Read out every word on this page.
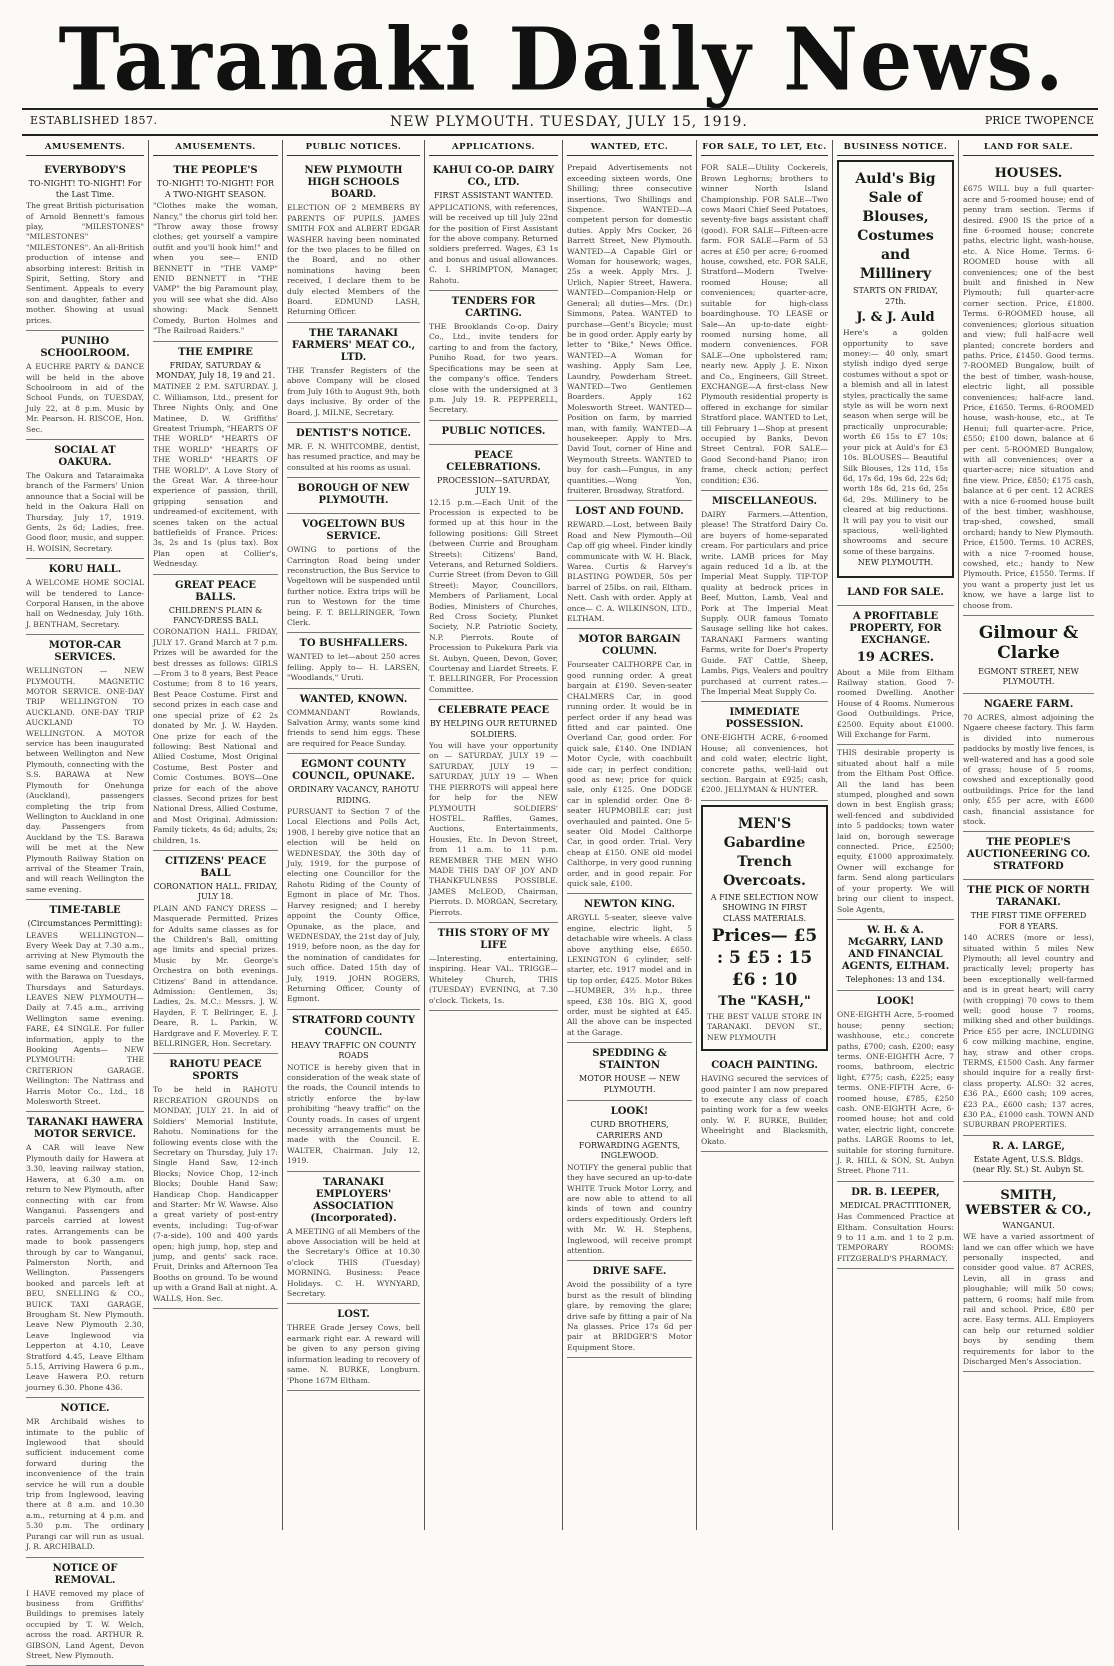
Taranaki Daily News.
ESTABLISHED 1857.	NEW PLYMOUTH. TUESDAY, JULY 15, 1919.	PRICE TWOPENCE
AMUSEMENTS.
EVERYBODY'S
TO-NIGHT! TO-NIGHT! For the Last Time.

The great British picturisation of Arnold Bennett's famous play, "MILESTONES" "MILESTONES" "MILESTONES". An all-British production of intense and absorbing interest: British in Spirit, Setting, Story and Sentiment. Appeals to every son and daughter, father and mother. Showing at usual prices.

PUNIHO SCHOOLROOM.

A EUCHRE PARTY & DANCE will be held in the above Schoolroom in aid of the School Funds, on TUESDAY, July 22, at 8 p.m. Music by Mr. Pearson. H. RISCOE, Hon. Sec.

SOCIAL AT OAKURA.

The Oakura and Tataraimaka branch of the Farmers' Union announce that a Social will be held in the Oakura Hall on Thursday, July 17, 1919. Gents, 2s 6d; Ladies, free. Good floor, music, and supper. H. WOISIN, Secretary.

KORU HALL.

A WELCOME HOME SOCIAL will be tendered to Lance-Corporal Hansen, in the above hall on Wednesday, July 16th. J. BENTHAM, Secretary.

MOTOR-CAR SERVICES.

WELLINGTON — NEW PLYMOUTH. MAGNETIC MOTOR SERVICE. ONE-DAY TRIP WELLINGTON TO AUCKLAND. ONE-DAY TRIP AUCKLAND TO WELLINGTON. A MOTOR service has been inaugurated between Wellington and New Plymouth, connecting with the S.S. BARAWA at New Plymouth for Onehunga (Auckland), passengers completing the trip from Wellington to Auckland in one day. Passengers from Auckland by the T.S. Barawa will be met at the New Plymouth Railway Station on arrival of the Steamer Train, and will reach Wellington the same evening.

TIME-TABLE
(Circumstances Permitting):

LEAVES WELLINGTON— Every Week Day at 7.30 a.m., arriving at New Plymouth the same evening and connecting with the Barawa on Tuesdays, Thursdays and Saturdays. LEAVES NEW PLYMOUTH— Daily at 7.45 a.m., arriving Wellington same evening. FARE, £4 SINGLE. For fuller information, apply to the Booking Agents— NEW PLYMOUTH: THE CRITERION GARAGE. Wellington: The Nattrass and Harris Motor Co., Ltd., 18 Molesworth Street.

TARANAKI HAWERA MOTOR SERVICE.

A CAR will leave New Plymouth daily for Hawera at 3.30, leaving railway station, Hawera, at 6.30 a.m. on return to New Plymouth, after connecting with car from Wanganui. Passengers and parcels carried at lowest rates. Arrangements can be made to book passengers through by car to Wanganui, Palmerston North, and Wellington. Passengers booked and parcels left at BEU, SNELLING & CO., BUICK TAXI GARAGE, Brougham St. New Plymouth. Leave New Plymouth 2.30, Leave Inglewood via Lepperton at 4.10, Leave Stratford 4.45, Leave Eltham 5.15, Arriving Hawera 6 p.m., Leave Hawera P.O. return journey 6.30. Phone 436.

NOTICE.

MR Archibald wishes to intimate to the public of Inglewood that should sufficient inducement come forward during the inconvenience of the train service he will run a double trip from Inglewood, leaving there at 8 a.m. and 10.30 a.m., returning at 4 p.m. and 5.30 p.m. The ordinary Purangi car will run as usual. J. R. ARCHIBALD.

NOTICE OF REMOVAL.

I HAVE removed my place of business from Griffiths' Buildings to premises lately occupied by T. W. Welch, across the road. ARTHUR R. GIBSON, Land Agent, Devon Street, New Plymouth.

AMUSEMENTS.
THE PEOPLE'S
TO-NIGHT! TO-NIGHT! FOR A TWO-NIGHT SEASON.

"Clothes make the woman, Nancy," the chorus girl told her. "Throw away those frowsy clothes; get yourself a vampire outfit and you'll hook him!" and when you see— ENID BENNETT in "THE VAMP" ENID BENNETT in "THE VAMP" the big Paramount play, you will see what she did. Also showing: Mack Sennett Comedy, Burton Holmes and "The Railroad Raiders."

THE EMPIRE
FRIDAY, SATURDAY & MONDAY, July 18, 19 and 21.

MATINEE 2 P.M. SATURDAY. J. C. Williamson, Ltd., present for Three Nights Only, and One Matinee, D. W. Griffiths' Greatest Triumph, "HEARTS OF THE WORLD" "HEARTS OF THE WORLD" "HEARTS OF THE WORLD" "HEARTS OF THE WORLD". A Love Story of the Great War. A three-hour experience of passion, thrill, gripping sensation and undreamed-of excitement, with scenes taken on the actual battlefields of France. Prices: 3s, 2s and 1s (plus tax). Box Plan open at Collier's, Wednesday.

GREAT PEACE BALLS.
CHILDREN'S PLAIN & FANCY-DRESS BALL

CORONATION HALL. FRIDAY, JULY 17. Grand March at 7 p.m. Prizes will be awarded for the best dresses as follows: GIRLS—From 3 to 8 years, Best Peace Costume; from 8 to 16 years, Best Peace Costume. First and second prizes in each case and one special prize of £2 2s donated by Mr. J. W. Hayden. One prize for each of the following: Best National and Allied Costume, Most Original Costume, Best Poster and Comic Costumes. BOYS—One prize for each of the above classes. Second prizes for best National Dress, Allied Costume, and Most Original. Admission: Family tickets, 4s 6d; adults, 2s; children, 1s.

CITIZENS' PEACE BALL
CORONATION HALL. FRIDAY, JULY 18.

PLAIN AND FANCY DRESS — Masquerade Permitted. Prizes for Adults same classes as for the Children's Ball, omitting age limits and special prizes. Music by Mr. George's Orchestra on both evenings. Citizens' Band in attendance. Admission: Gentlemen, 3s; Ladies, 2s. M.C.: Messrs. J. W. Hayden, F. T. Bellringer, E. J. Deare, R. L. Parkin, W. Hardgrave and F. Moverley. F. T. BELLRINGER, Hon. Secretary.

RAHOTU PEACE SPORTS

To be held in RAHOTU RECREATION GROUNDS on MONDAY, JULY 21. In aid of Soldiers' Memorial Institute, Rahotu. Nominations for the following events close with the Secretary on Thursday, July 17: Single Hand Saw, 12-inch Blocks; Novice Chop, 12-inch Blocks; Double Hand Saw; Handicap Chop. Handicapper and Starter: Mr W. Wawse. Also a great variety of post-entry events, including: Tug-of-war (7-a-side), 100 and 400 yards open; high jump, hop, step and jump, and gents' sack race. Fruit, Drinks and Afternoon Tea Booths on ground. To be wound up with a Grand Ball at night. A. WALLS, Hon. Sec.

PUBLIC NOTICES.
NEW PLYMOUTH HIGH SCHOOLS BOARD.

ELECTION OF 2 MEMBERS BY PARENTS OF PUPILS. JAMES SMITH FOX and ALBERT EDGAR WASHER having been nominated for the two places to be filled on the Board, and no other nominations having been received, I declare them to be duly elected Members of the Board. EDMUND LASH, Returning Officer.

THE TARANAKI FARMERS' MEAT CO., LTD.

THE Transfer Registers of the above Company will be closed from July 16th to August 9th, both days inclusive. By order of the Board, J. MILNE, Secretary.

DENTIST'S NOTICE.

MR. F. N. WHITCOMBE, dentist, has resumed practice, and may be consulted at his rooms as usual.

BOROUGH OF NEW PLYMOUTH.
VOGELTOWN BUS SERVICE.

OWING to portions of the Carrington Road being under reconstruction, the Bus Service to Vogeltown will be suspended until further notice. Extra trips will be run to Westown for the time being. F. T. BELLRINGER, Town Clerk.

TO BUSHFALLERS.

WANTED to let—about 250 acres felling. Apply to— H. LARSEN, "Woodlands," Uruti.

WANTED, KNOWN.

COMMANDANT Rowlands, Salvation Army, wants some kind friends to send him eggs. These are required for Peace Sunday.

EGMONT COUNTY COUNCIL, OPUNAKE.
ORDINARY VACANCY, RAHOTU RIDING.

PURSUANT to Section 7 of the Local Elections and Polls Act, 1908, I hereby give notice that an election will be held on WEDNESDAY, the 30th day of July, 1919, for the purpose of electing one Councillor for the Rahotu Riding of the County of Egmont in place of Mr. Thos. Harvey resigned; and I hereby appoint the County Office, Opunake, as the place, and WEDNESDAY, the 21st day of July, 1919, before noon, as the day for the nomination of candidates for such office. Dated 15th day of July, 1919. JOHN ROGERS, Returning Officer, County of Egmont.

STRATFORD COUNTY COUNCIL.
HEAVY TRAFFIC ON COUNTY ROADS

NOTICE is hereby given that in consideration of the weak state of the roads, the Council intends to strictly enforce the by-law prohibiting "heavy traffic" on the County roads. In cases of urgent necessity arrangements must be made with the Council. E. WALTER, Chairman. July 12, 1919.

TARANAKI EMPLOYERS' ASSOCIATION (Incorporated).

A MEETING of all Members of the above Association will be held at the Secretary's Office at 10.30 o'clock THIS (Tuesday) MORNING. Business: Peace Holidays. C. H. WYNYARD, Secretary.

LOST.

THREE Grade Jersey Cows, bell earmark right ear. A reward will be given to any person giving information leading to recovery of same. N. BURKE, Longburn. 'Phone 167M Eltham.

APPLICATIONS.
KAHUI CO-OP. DAIRY CO., LTD.
FIRST ASSISTANT WANTED.

APPLICATIONS, with references, will be received up till July 22nd for the position of First Assistant for the above company. Returned soldiers preferred. Wages, £3 1s and bonus and usual allowances. C. I. SHRIMPTON, Manager, Rahotu.

TENDERS FOR CARTING.

THE Brooklands Co-op. Dairy Co., Ltd., invite tenders for carting to and from the factory, Puniho Road, for two years. Specifications may be seen at the company's office. Tenders close with the undersigned at 3 p.m. July 19. R. PEPPERELL, Secretary.

PUBLIC NOTICES.
PEACE CELEBRATIONS.
PROCESSION—SATURDAY, JULY 19.

12.15 p.m.—Each Unit of the Procession is expected to be formed up at this hour in the following positions: Gill Street (between Currie and Brougham Streets): Citizens' Band, Veterans, and Returned Soldiers. Currie Street (from Devon to Gill Street): Mayor, Councillors, Members of Parliament, Local Bodies, Ministers of Churches, Red Cross Society, Plunket Society, N.P. Patriotic Society, N.P. Pierrots. Route of Procession to Pukekura Park via St. Aubyn, Queen, Devon, Gover, Courtenay and Liardet Streets. F. T. BELLRINGER, For Procession Committee.

CELEBRATE PEACE
BY HELPING OUR RETURNED SOLDIERS.

You will have your opportunity on — SATURDAY, JULY 19 — SATURDAY, JULY 19 — SATURDAY, JULY 19 — When THE PIERROTS will appeal here for help for the NEW PLYMOUTH SOLDIERS' HOSTEL. Raffles, Games, Auctions, Entertainments, Housies, Etc. In Devon Street, from 11 a.m. to 11 p.m. REMEMBER THE MEN WHO MADE THIS DAY OF JOY AND THANKFULNESS POSSIBLE. JAMES McLEOD, Chairman, Pierrots. D. MORGAN, Secretary, Pierrots.

THIS STORY OF MY LIFE

—Interesting, entertaining, inspiring. Hear VAL. TRIGGE—Whiteley Church, THIS (TUESDAY) EVENING, at 7.30 o'clock. Tickets, 1s.

WANTED, ETC.

Prepaid Advertisements not exceeding sixteen words, One Shilling; three consecutive insertions, Two Shillings and Sixpence. WANTED—A competent person for domestic duties. Apply Mrs Cocker, 26 Barrett Street, New Plymouth. WANTED—A Capable Girl or Woman for housework; wages, 25s a week. Apply Mrs. J. Urlich, Napier Street, Hawera. WANTED—Companion-Help or General; all duties—Mrs. (Dr.) Simmons, Patea. WANTED to purchase—Gent's Bicycle; must be in good order. Apply early by letter to "Bike," News Office. WANTED—A Woman for washing. Apply Sam Lee, Laundry, Powderham Street. WANTED—Two Gentlemen Boarders. Apply 162 Molesworth Street. WANTED—Position on farm, by married man, with family. WANTED—A housekeeper. Apply to Mrs. David Tout, corner of Hine and Weymouth Streets. WANTED to buy for cash—Fungus, in any quantities.—Wong Yon, fruiterer, Broadway, Stratford.

LOST AND FOUND.

REWARD.—Lost, between Baily Road and New Plymouth—Oil Cap off gig wheel. Finder kindly communicate with W. H. Black, Warea. Curtis & Harvey's BLASTING POWDER, 50s per barrel of 25lbs. on rail, Eltham. Nett. Cash with order. Apply at once— C. A. WILKINSON, LTD., ELTHAM.

MOTOR BARGAIN COLUMN.

Fourseater CALTHORPE Car, in good running order. A great bargain at £190. Seven-seater CHALMERS Car, in good running order. It would be in perfect order if any head was fitted and car painted. One Overland Car, good order. For quick sale, £140. One INDIAN Motor Cycle, with coachbuilt side car; in perfect condition; good as new; price for quick sale, only £125. One DODGE car in splendid order. One 8-seater HUPMOBILE car; just overhauled and painted. One 5-seater Old Model Calthorpe Car, in good order. Trial. Very cheap at £150. ONE old model Calthorpe, in very good running order, and in good repair. For quick sale, £100.

NEWTON KING.

ARGYLL 5-seater, sleeve valve engine, electric light, 5 detachable wire wheels. A class above anything else, £650. LEXINGTON 6 cylinder, self-starter, etc. 1917 model and in tip top order, £425. Motor Bikes—HUMBER, 3½ h.p., three speed, £38 10s. BIG X, good order, must be sighted at £45. All the above can be inspected at the Garage.

SPEDDING & STAINTON
MOTOR HOUSE — NEW PLYMOUTH.
LOOK!
CURD BROTHERS, CARRIERS AND FORWARDING AGENTS, INGLEWOOD.

NOTIFY the general public that they have secured an up-to-date WHITE Truck Motor Lorry, and are now able to attend to all kinds of town and country orders expeditiously. Orders left with Mr. W. H. Stephens, Inglewood, will receive prompt attention.

DRIVE SAFE.

Avoid the possibility of a tyre burst as the result of blinding glare, by removing the glare; drive safe by fitting a pair of Na Na glasses. Price 17s 6d per pair at BRIDGER'S Motor Equipment Store.

FOR SALE, TO LET, Etc.

FOR SALE—Utility Cockerels, Brown Leghorns; brothers to winner North Island Championship. FOR SALE—Two cows Maori Chief Seed Potatoes, seventy-five bags assistant chaff (good). FOR SALE—Fifteen-acre farm. FOR SALE—Farm of 53 acres at £50 per acre; 6-roomed house, cowshed, etc. FOR SALE, Stratford—Modern Twelve-roomed House; all conveniences; quarter-acre, suitable for high-class boardinghouse. TO LEASE or Sale—An up-to-date eight-roomed nursing home, all modern conveniences. FOR SALE—One upholstered ram; nearly new. Apply J. E. Nixon and Co., Engineers, Gill Street. EXCHANGE—A first-class New Plymouth residential property is offered in exchange for similar Stratford place. WANTED to Let, till February 1—Shop at present occupied by Banks, Devon Street Central. FOR SALE—Good Second-hand Piano; iron frame, check action; perfect condition; £36.

MISCELLANEOUS.

DAIRY Farmers.—Attention, please! The Stratford Dairy Co. are buyers of home-separated cream. For particulars and price write. LAMB prices for May again reduced 1d a lb. at the Imperial Meat Supply. TIP-TOP quality at bedrock prices in Beef, Mutton, Lamb, Veal and Pork at The Imperial Meat Supply. OUR famous Tomato Sausage selling like hot cakes. TARANAKI Farmers wanting Farms, write for Doer's Property Guide. FAT Cattle, Sheep, Lambs, Pigs, Vealers and poultry purchased at current rates.—The Imperial Meat Supply Co.

IMMEDIATE POSSESSION.

ONE-EIGHTH ACRE, 6-roomed House; all conveniences, hot and cold water, electric light, concrete paths, well-laid out section. Bargain at £925; cash, £200. JELLYMAN & HUNTER.

MEN'S Gabardine Trench Overcoats.
A FINE SELECTION NOW SHOWING IN FIRST CLASS MATERIALS.
Prices— £5 : 5 £5 : 15 £6 : 10
The "KASH,"

THE BEST VALUE STORE IN TARANAKI. DEVON ST., NEW PLYMOUTH

COACH PAINTING.

HAVING secured the services of good painter I am now prepared to execute any class of coach painting work for a few weeks only. W. F. BURKE, Builder, Wheelright and Blacksmith, Okato.

BUSINESS NOTICE.
Auld's Big Sale of Blouses, Costumes and Millinery
STARTS ON FRIDAY, 27th.
J. & J. Auld

Here's a golden opportunity to save money:— 40 only, smart stylish indigo dyed serge costumes without a spot or a blemish and all in latest styles, practically the same style as will be worn next season when serge will be practically unprocurable; worth £6 15s to £7 10s; your pick at Auld's for £3 10s. BLOUSES— Beautiful Silk Blouses, 12s 11d, 15s 6d, 17s 6d, 19s 6d, 22s 6d; worth 18s 6d, 21s 6d, 25s 6d, 29s. Millinery to be cleared at big reductions. It will pay you to visit our spacious, well-lighted showrooms and secure some of these bargains.

NEW PLYMOUTH.
LAND FOR SALE.
A PROFITABLE PROPERTY, FOR EXCHANGE.
19 ACRES.

About a Mile from Eltham Railway station. Good 7-roomed Dwelling. Another House of 4 Rooms. Numerous Good Outbuildings. Price, £2500. Equity about £1000. Will Exchange for Farm.

THIS desirable property is situated about half a mile from the Eltham Post Office. All the land has been stumped, ploughed and sown down in best English grass; well-fenced and subdivided into 5 paddocks; town water laid on, borough sewerage connected. Price, £2500; equity, £1000 approximately. Owner will exchange for farm. Send along particulars of your property. We will bring our client to inspect. Sole Agents,

W. H. & A. McGARRY, LAND AND FINANCIAL AGENTS, ELTHAM.
Telephones: 13 and 134.
LOOK!

ONE-EIGHTH Acre, 5-roomed house; penny section; washhouse, etc.; concrete paths, £700; cash, £200; easy terms. ONE-EIGHTH Acre, 7 rooms, bathroom, electric light, £775; cash, £225; easy terms. ONE-FIFTH Acre, 6-roomed house, £785, £250 cash. ONE-EIGHTH Acre, 6-roomed house; hot and cold water, electric light, concrete paths. LARGE Rooms to let, suitable for storing furniture. J. R. HILL & SON, St. Aubyn Street. Phone 711.

DR. B. LEEPER,
MEDICAL PRACTITIONER,

Has Commenced Practice at Eltham. Consultation Hours: 9 to 11 a.m. and 1 to 2 p.m. TEMPORARY ROOMS: FITZGERALD'S PHARMACY.

LAND FOR SALE.
HOUSES.

£675 WILL buy a full quarter-acre and 5-roomed house; end of penny tram section. Terms if desired. £900 IS the price of a fine 6-roomed house; concrete paths, electric light, wash-house, etc. A Nice Home. Terms. 6-ROOMED house with all conveniences; one of the best built and finished in New Plymouth; full quarter-acre corner section. Price, £1800. Terms. 6-ROOMED house, all conveniences; glorious situation and view; full half-acre well planted; concrete borders and paths. Price, £1450. Good terms. 7-ROOMED Bungalow, built of the best of timber, wash-house, electric light, all possible conveniences; half-acre land. Price, £1650. Terms. 6-ROOMED house, wash-house, etc., at Te Henui; full quarter-acre. Price, £550; £100 down, balance at 6 per cent. 5-ROOMED Bungalow, with all conveniences; over a quarter-acre; nice situation and fine view. Price, £850; £175 cash, balance at 6 per cent. 12 ACRES with a nice 6-roomed house built of the best timber, washhouse, trap-shed, cowshed, small orchard; handy to New Plymouth. Price, £1500. Terms. 10 ACRES, with a nice 7-roomed house, cowshed, etc.; handy to New Plymouth. Price, £1550. Terms. If you want a property just let us know, we have a large list to choose from.

Gilmour & Clarke
EGMONT STREET, NEW PLYMOUTH.
NGAERE FARM.

70 ACRES, almost adjoining the Ngaere cheese factory. This farm is divided into numerous paddocks by mostly live fences, is well-watered and has a good sole of grass; house of 5 rooms, cowshed and exceptionally good outbuildings. Price for the land only, £55 per acre, with £600 cash, financial assistance for stock.

THE PEOPLE'S AUCTIONEERING CO. STRATFORD
THE PICK OF NORTH TARANAKI.
THE FIRST TIME OFFERED FOR 8 YEARS.

140 ACRES (more or less), situated within 5 miles New Plymouth; all level country and practically level; property has been exceptionally well-farmed and is in great heart; will carry (with cropping) 70 cows to them well; good house 7 rooms, milking shed and other buildings. Price £55 per acre, INCLUDING 6 cow milking machine, engine, hay, straw and other crops. TERMS, £1500 Cash. Any farmer should inquire for a really first-class property. ALSO: 32 acres, £36 P.A., £600 cash; 109 acres, £23 P.A., £600 cash; 137 acres, £30 P.A., £1000 cash. TOWN AND SUBURBAN PROPERTIES.

R. A. LARGE,
Estate Agent, U.S.S. Bldgs. (near Rly. St.) St. Aubyn St.
SMITH, WEBSTER & CO.,
WANGANUI.

WE have a varied assortment of land we can offer which we have personally inspected, and consider good value. 87 ACRES, Levin, all in grass and ploughable; will milk 50 cows; pattern, 6 rooms; half mile from rail and school. Price, £80 per acre. Easy terms. ALL Employers can help our returned soldier boys by sending them requirements for labor to the Discharged Men's Association.
